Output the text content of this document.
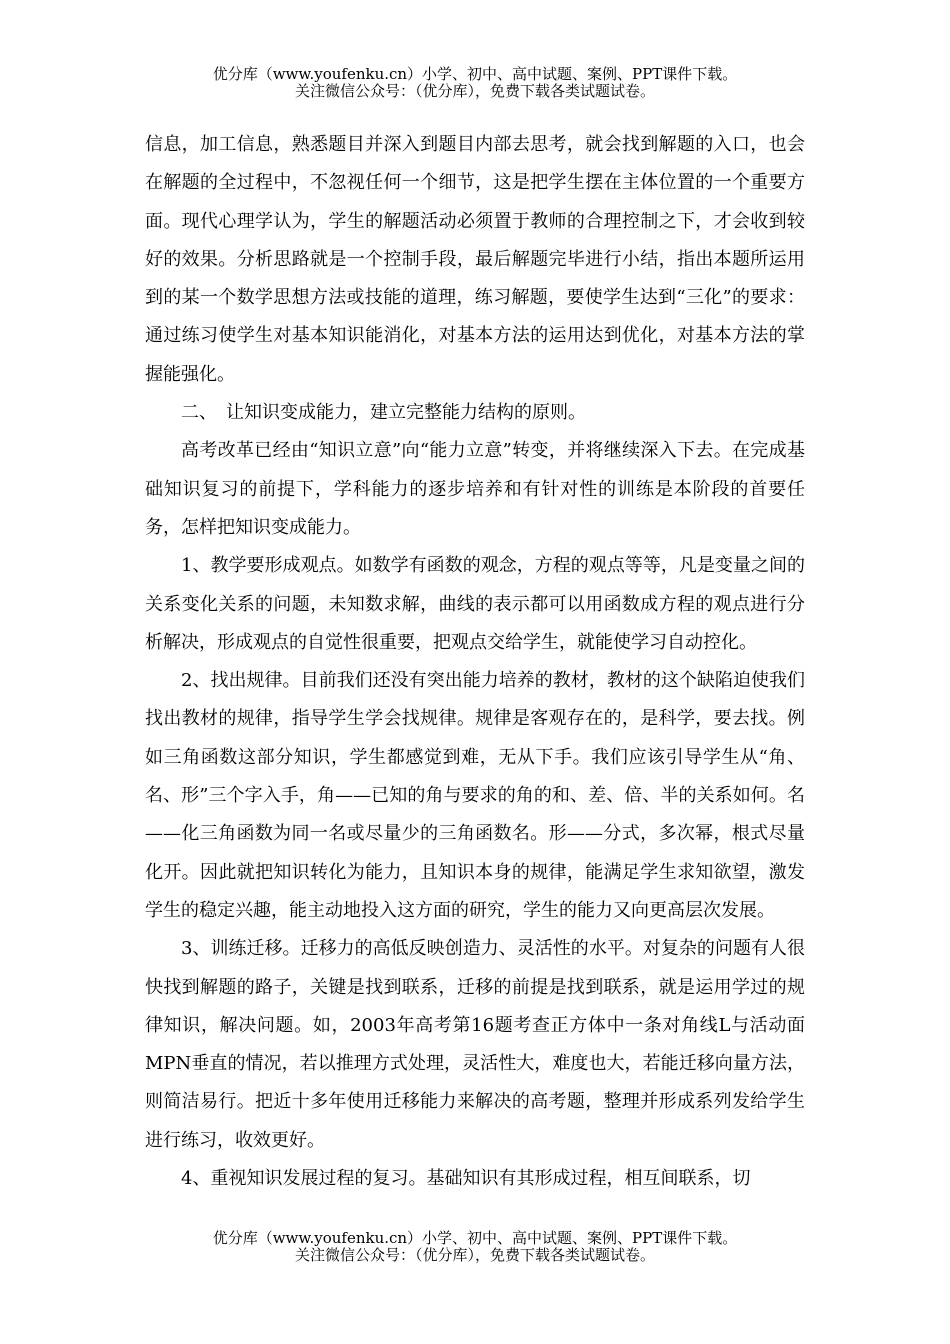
优分库（www.youfenku.cn）小学、初中、高中试题、案例、PPT课件下载。
关注微信公众号：（优分库），免费下载各类试题试卷。

信息，加工信息，熟悉题目并深入到题目内部去思考，就会找到解题的入口，也会在解题的全过程中，不忽视任何一个细节，这是把学生摆在主体位置的一个重要方面。现代心理学认为，学生的解题活动必须置于教师的合理控制之下，才会收到较好的效果。分析思路就是一个控制手段，最后解题完毕进行小结，指出本题所运用到的某一个数学思想方法或技能的道理，练习解题，要使学生达到“三化”的要求：通过练习使学生对基本知识能消化，对基本方法的运用达到优化，对基本方法的掌握能强化。

二、　让知识变成能力，建立完整能力结构的原则。

高考改革已经由“知识立意”向“能力立意”转变，并将继续深入下去。在完成基础知识复习的前提下，学科能力的逐步培养和有针对性的训练是本阶段的首要任务，怎样把知识变成能力。

1、教学要形成观点。如数学有函数的观念，方程的观点等等，凡是变量之间的关系变化关系的问题，未知数求解，曲线的表示都可以用函数成方程的观点进行分析解决，形成观点的自觉性很重要，把观点交给学生，就能使学习自动控化。

2、找出规律。目前我们还没有突出能力培养的教材，教材的这个缺陷迫使我们找出教材的规律，指导学生学会找规律。规律是客观存在的，是科学，要去找。例如三角函数这部分知识，学生都感觉到难，无从下手。我们应该引导学生从“角、名、形”三个字入手，角——已知的角与要求的角的和、差、倍、半的关系如何。名——化三角函数为同一名或尽量少的三角函数名。形——分式，多次幂，根式尽量化开。因此就把知识转化为能力，且知识本身的规律，能满足学生求知欲望，激发学生的稳定兴趣，能主动地投入这方面的研究，学生的能力又向更高层次发展。

3、训练迁移。迁移力的高低反映创造力、灵活性的水平。对复杂的问题有人很快找到解题的路子，关键是找到联系，迁移的前提是找到联系，就是运用学过的规律知识，解决问题。如，2003年高考第16题考查正方体中一条对角线L与活动面MPN垂直的情况，若以推理方式处理，灵活性大，难度也大，若能迁移向量方法，则简洁易行。把近十多年使用迁移能力来解决的高考题，整理并形成系列发给学生进行练习，收效更好。

4、重视知识发展过程的复习。基础知识有其形成过程，相互间联系，切

优分库（www.youfenku.cn）小学、初中、高中试题、案例、PPT课件下载。
关注微信公众号：（优分库），免费下载各类试题试卷。
